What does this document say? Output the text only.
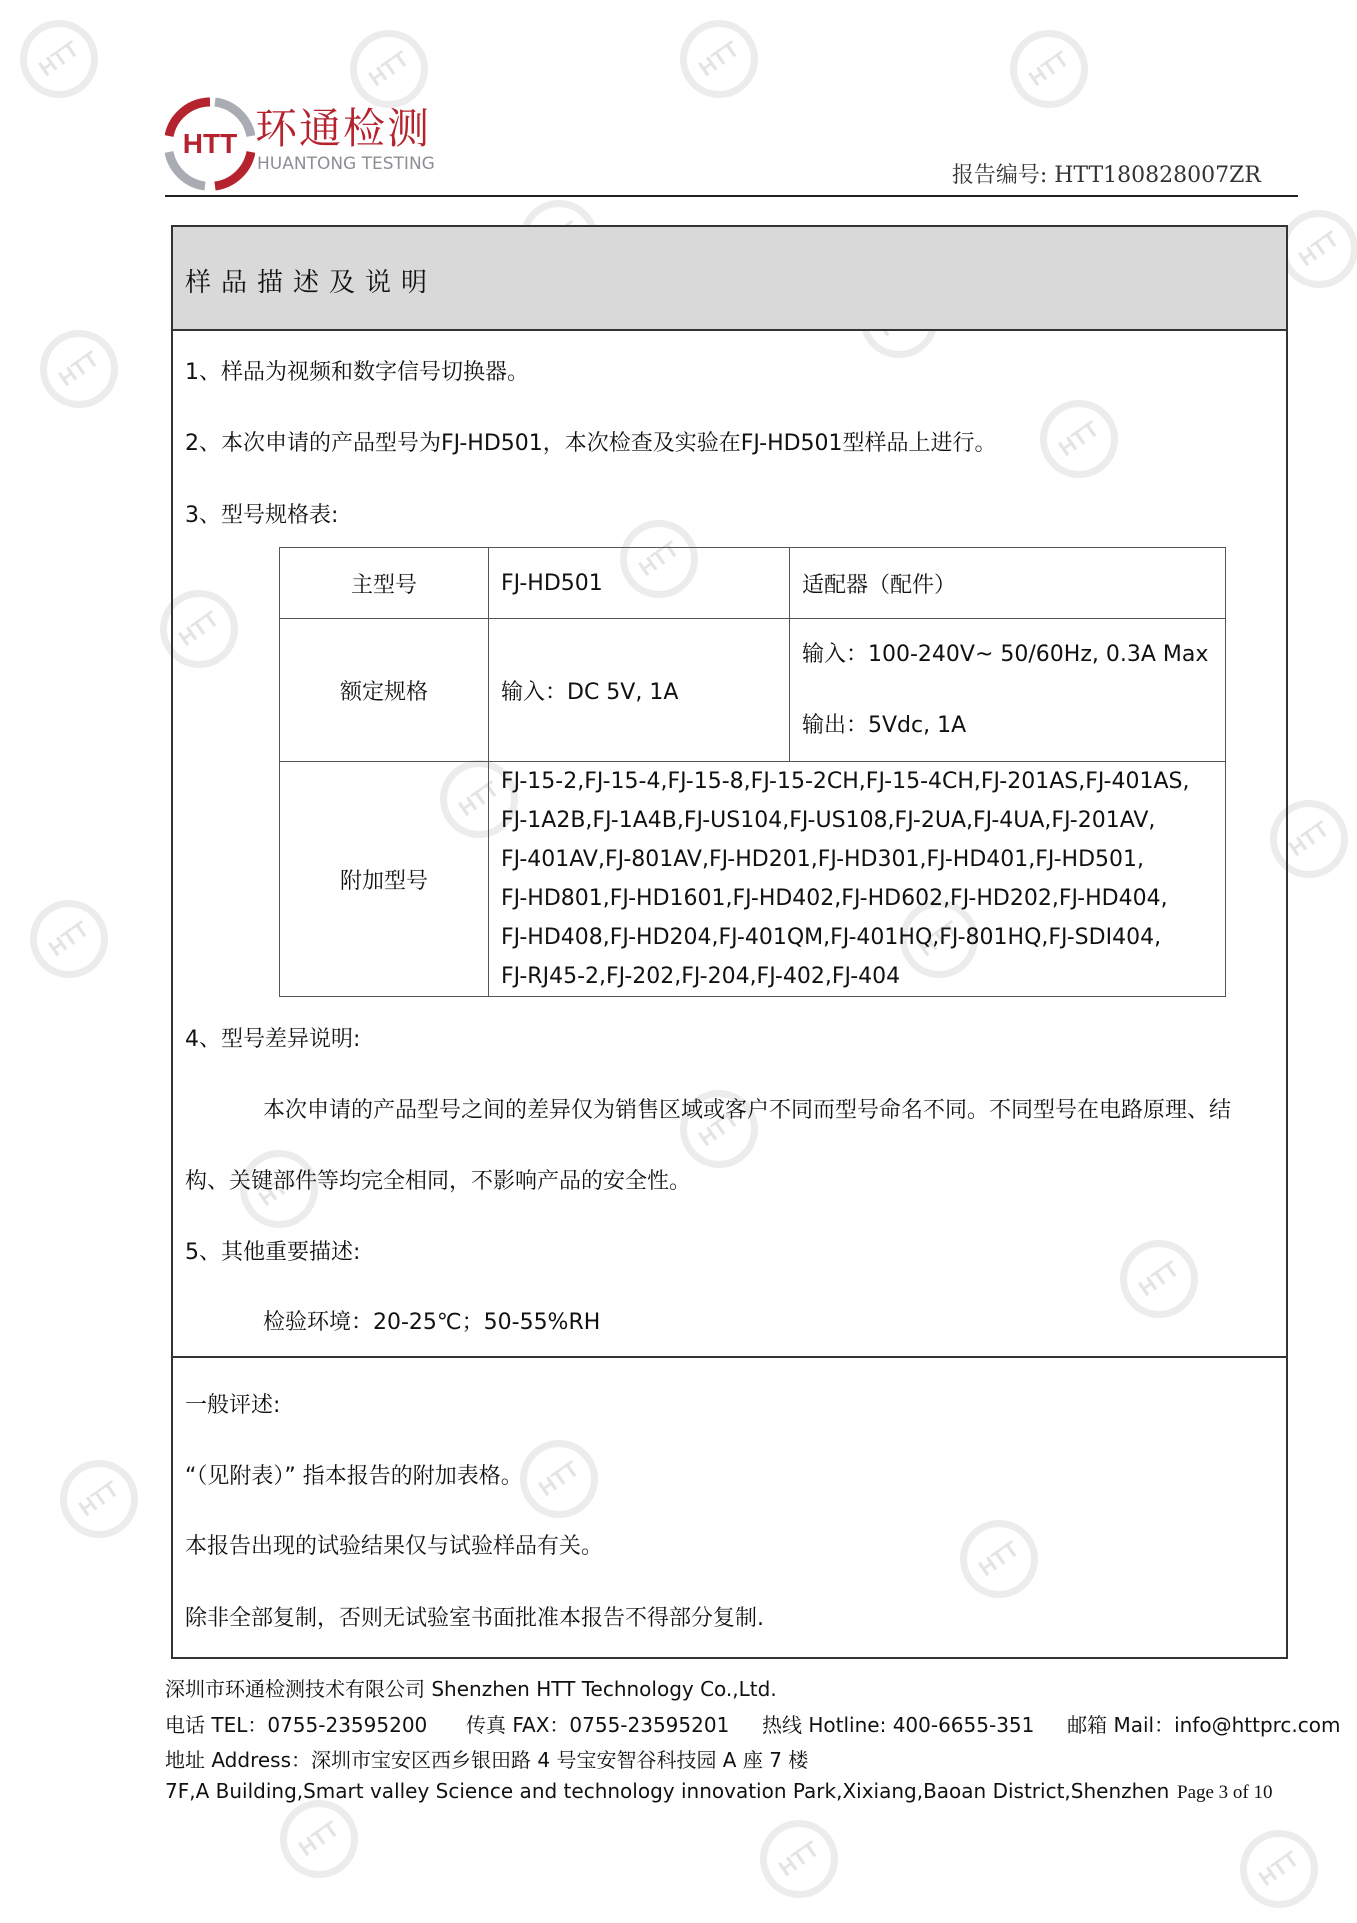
HTT
HTT
HTT
HTT
HTT
HTT
HTT
HTT
HTT
HTT
HTT
HTT
HTT
HTT
HTT
HTT
HTT
HTT
HTT
HTT
HTT
HTT
HTT
HTT
HTT 环通检测
HUANTONG TESTING	报告编号: HTT180828007ZR
样品描述及说明
1、样品为视频和数字信号切换器。
2、本次申请的产品型号为FJ-HD501，本次检查及实验在FJ-HD501型样品上进行。
3、型号规格表:
主型号	FJ-HD501	适配器（配件）
额定规格	输入：DC 5V, 1A	输入：100-240V~ 50/60Hz, 0.3A Max
输出：5Vdc, 1A

附加型号	
FJ-15-2,FJ-15-4,FJ-15-8,FJ-15-2CH,FJ-15-4CH,FJ-201AS,FJ-401AS,
FJ-1A2B,FJ-1A4B,FJ-US104,FJ-US108,FJ-2UA,FJ-4UA,FJ-201AV,
FJ-401AV,FJ-801AV,FJ-HD201,FJ-HD301,FJ-HD401,FJ-HD501,
FJ-HD801,FJ-HD1601,FJ-HD402,FJ-HD602,FJ-HD202,FJ-HD404,
FJ-HD408,FJ-HD204,FJ-401QM,FJ-401HQ,FJ-801HQ,FJ-SDI404,
FJ-RJ45-2,FJ-202,FJ-204,FJ-402,FJ-404
4、型号差异说明:
本次申请的产品型号之间的差异仅为销售区域或客户不同而型号命名不同。不同型号在电路原理、结
构、关键部件等均完全相同，不影响产品的安全性。
5、其他重要描述:
检验环境：20-25℃；50-55%RH
一般评述:
“（见附表）” 指本报告的附加表格。
本报告出现的试验结果仅与试验样品有关。
除非全部复制，否则无试验室书面批准本报告不得部分复制.
深圳市环通检测技术有限公司 Shenzhen HTT Technology Co.,Ltd.
电话 TEL：0755-23595200 传真 FAX：0755-23595201 热线 Hotline: 400-6655-351 邮箱 Mail：info@httprc.com
地址 Address：深圳市宝安区西乡银田路 4 号宝安智谷科技园 A 座 7 楼
7F,A Building,Smart valley Science and technology innovation Park,Xixiang,Baoan District,Shenzhen Page 3 of 10
